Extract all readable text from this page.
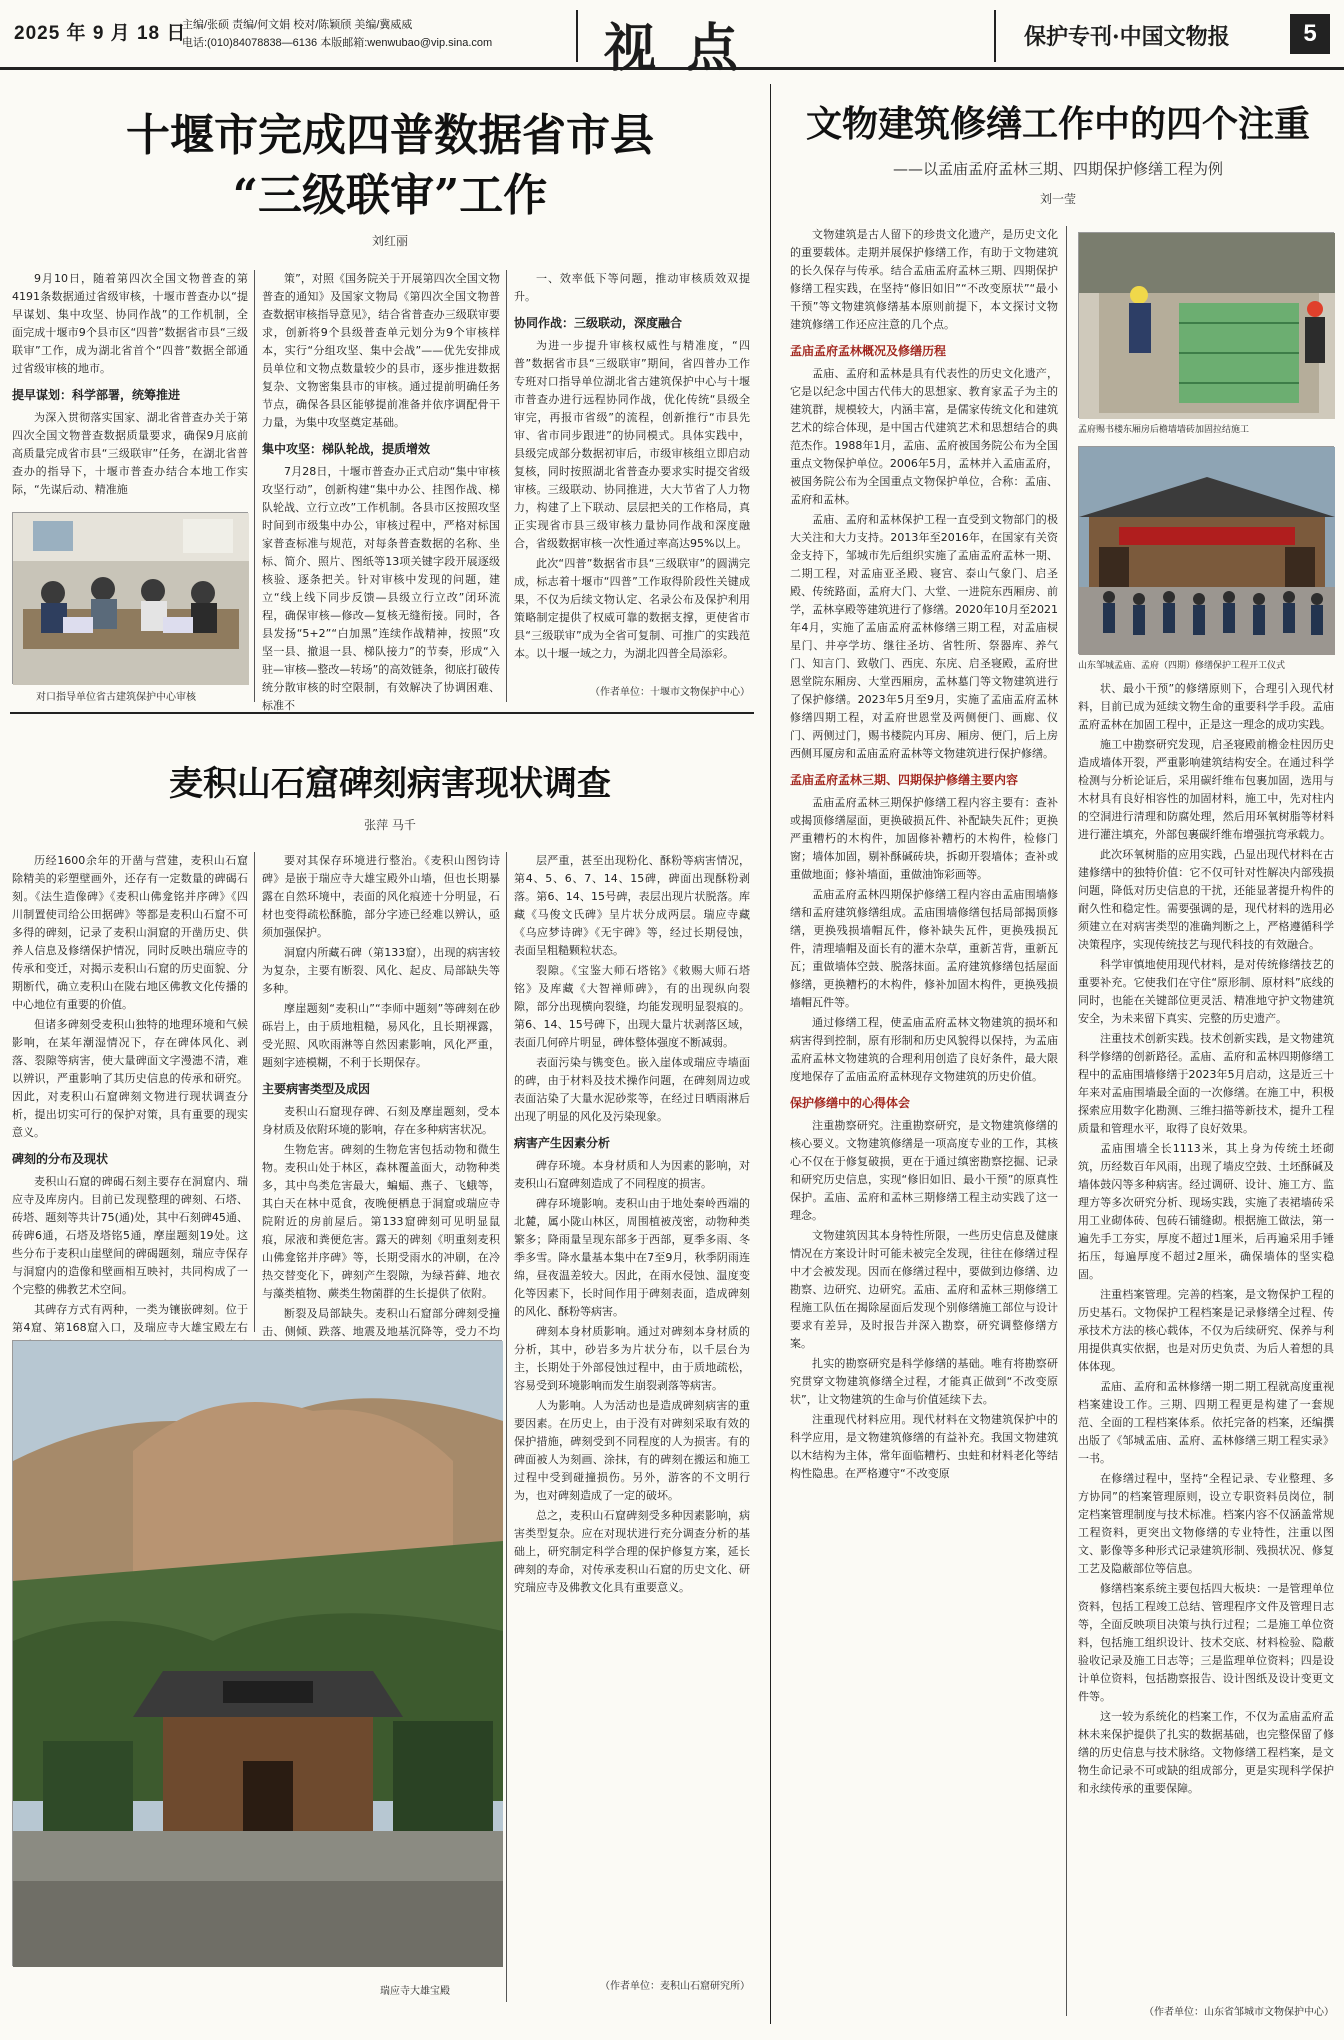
2025 年 9 月 18 日
主编/张硕 责编/何文娟 校对/陈颖颀 美编/冀威威
电话:(010)84078838—6136 本版邮箱:wenwubao@vip.sina.com	视点	保护专刊·中国文物报	5
十堰市完成四普数据省市县
“三级联审”工作
刘红丽

9月10日，随着第四次全国文物普查的第4191条数据通过省级审核，十堰市普查办以“提早谋划、集中攻坚、协同作战”的工作机制，全面完成十堰市9个县市区“四普”数据省市县“三级联审”工作，成为湖北省首个“四普”数据全部通过省级审核的地市。

提早谋划：科学部署，统筹推进

为深入贯彻落实国家、湖北省普查办关于第四次全国文物普查数据质量要求，确保9月底前高质量完成省市县“三级联审”任务，在湖北省普查办的指导下，十堰市普查办结合本地工作实际，“先谋后动、精准施

对口指导单位省古建筑保护中心审核

策”，对照《国务院关于开展第四次全国文物普查的通知》及国家文物局《第四次全国文物普查数据审核指导意见》，结合省普查办三级联审要求，创新将9个县级普查单元划分为9个审核样本，实行“分组攻坚、集中会战”——优先安排成员单位和文物点数量较少的县市，逐步推进数据复杂、文物密集县市的审核。通过提前明确任务节点，确保各县区能够提前准备并依序调配骨干力量，为集中攻坚奠定基础。

集中攻坚：梯队轮战，提质增效

7月28日，十堰市普查办正式启动“集中审核攻坚行动”，创新构建“集中办公、挂图作战、梯队轮战、立行立改”工作机制。各县市区按照攻坚时间到市级集中办公，审核过程中，严格对标国家普查标准与规范，对每条普查数据的名称、坐标、简介、照片、图纸等13项关键字段开展逐级核验、逐条把关。针对审核中发现的问题，建立“线上线下同步反馈—县级立行立改”闭环流程，确保审核—修改—复核无缝衔接。同时，各县发扬“5+2”“白加黑”连续作战精神，按照“攻坚一县、撤退一县、梯队接力”的节奏，形成“入驻—审核—整改—转场”的高效链条，彻底打破传统分散审核的时空限制，有效解决了协调困难、标准不

一、效率低下等问题，推动审核质效双提升。

协同作战：三级联动，深度融合

为进一步提升审核权威性与精准度，“四普”数据省市县“三级联审”期间，省四普办工作专班对口指导单位湖北省古建筑保护中心与十堰市普查办进行远程协同作战，优化传统“县级全审完，再报市省级”的流程，创新推行“市县先审、省市同步跟进”的协同模式。具体实践中，县级完成部分数据初审后，市级审核组立即启动复核，同时按照湖北省普查办要求实时提交省级审核。三级联动、协同推进，大大节省了人力物力，构建了上下联动、层层把关的工作格局，真正实现省市县三级审核力量协同作战和深度融合，省级数据审核一次性通过率高达95%以上。

此次“四普”数据省市县“三级联审”的圆满完成，标志着十堰市“四普”工作取得阶段性关键成果，不仅为后续文物认定、名录公布及保护利用策略制定提供了权威可靠的数据支撑，更使省市县“三级联审”成为全省可复制、可推广的实践范本。以十堰一域之力，为湖北四普全局添彩。

（作者单位：十堰市文物保护中心）

麦积山石窟碑刻病害现状调查
张萍 马千

历经1600余年的开凿与营建，麦积山石窟除精美的彩塑壁画外，还存有一定数量的碑碣石刻。《法生造像碑》《麦积山佛龛铭并序碑》《四川制置使司给公田据碑》等都是麦积山石窟不可多得的碑刻，记录了麦积山洞窟的开凿历史、供养人信息及修缮保护情况，同时反映出瑞应寺的传承和变迁，对揭示麦积山石窟的历史面貌、分期断代，确立麦积山在陇右地区佛教文化传播的中心地位有重要的价值。

但诸多碑刻受麦积山独特的地理环境和气候影响，在某年潮湿情况下，存在碑体风化、剥落、裂隙等病害，使大量碑面文字漫漶不清，难以辨识，严重影响了其历史信息的传承和研究。因此，对麦积山石窟碑刻文物进行现状调查分析，提出切实可行的保护对策，具有重要的现实意义。

碑刻的分布及现状

麦积山石窟的碑碣石刻主要存在洞窟内、瑞应寺及库房内。目前已发现整理的碑刻、石塔、砖塔、题刻等共计75(通)处，其中石刻碑45通、砖碑6通，石塔及塔铭5通，摩崖题刻19处。这些分布于麦积山崖壁间的碑碣题刻，瑞应寺保存与洞窟内的造像和壁画相互映衬，共同构成了一个完整的佛教艺术空间。

其碑存方式有两种，一类为镶嵌碑刻。位于第4窟、第168窟入口，及瑞应寺大雄宝殿左右

要对其保存环境进行整治。《麦积山图钧诗碑》是嵌于瑞应寺大雄宝殿外山墙，但也长期暴露在自然环境中，表面的风化痕迹十分明显，石材也变得疏松酥脆，部分字迹已经难以辨认，亟须加强保护。

洞窟内所藏石碑（第133窟），出现的病害较为复杂，主要有断裂、风化、起皮、局部缺失等多种。

摩崖题刻“麦积山”“李师中题刻”等碑刻在砂砾岩上，由于质地粗糙，易风化，且长期裸露，受光照、风吹雨淋等自然因素影响，风化严重，题刻字迹模糊，不利于长期保存。

主要病害类型及成因

麦积山石窟现存碑、石刻及摩崖题刻，受本身材质及依附环境的影响，存在多种病害状况。

生物危害。碑刻的生物危害包括动物和微生物。麦积山处于林区，森林覆盖面大，动物种类多，其中鸟类危害最大，蝙蝠、燕子、飞蛾等，其白天在林中觅食，夜晚便栖息于洞窟或瑞应寺院附近的房前屋后。第133窟碑刻可见明显鼠痕，尿液和粪便危害。露天的碑刻《明重刻麦积山佛龛铭并序碑》等，长期受雨水的冲刷，在冷热交替变化下，碑刻产生裂隙，为绿苔藓、地衣与藻类植物、蕨类生物菌群的生长提供了依附。

断裂及局部缺失。麦积山石窟部分碑刻受撞击、侧倾、跌落、地震及地基沉降等，受力不均

层严重，甚至出现粉化、酥粉等病害情况，第4、5、6、7、14、15碑，碑面出现酥粉剥落。第6、14、15号碑，表层出现片状脱落。库藏《马俊文氏碑》呈片状分成两层。瑞应寺藏《乌应梦诗碑》《无宇碑》等，经过长期侵蚀，表面呈粗糙颗粒状态。

裂隙。《宝鉴大师石塔铭》《敕赐大师石塔铭》及库藏《大智禅师碑》，有的出现纵向裂隙，部分出现横向裂缝，均能发现明显裂痕的。第6、14、15号碑下，出现大量片状剥落区域，表面几何碎片明显，碑体整体强度不断减弱。

表面污染与镌变色。嵌入崖体或瑞应寺墙面的碑，由于材料及技术操作问题，在碑刻周边或表面沾染了大量水泥砂浆等，在经过日晒雨淋后出现了明显的风化及污染现象。

病害产生因素分析

碑存环境。本身材质和人为因素的影响，对麦积山石窟碑刻造成了不同程度的损害。

碑存环境影响。麦积山由于地处秦岭西端的北麓，属小陇山林区，周围植被茂密，动物种类繁多；降雨量呈现东部多于西部，夏季多雨、冬季多雪。降水量基本集中在7至9月，秋季阴雨连绵，昼夜温差较大。因此，在雨水侵蚀、温度变化等因素下，长时间作用于碑刻表面，造成碑刻的风化、酥粉等病害。

碑刻本身材质影响。通过对碑刻本身材质的分析，其中，砂岩多为片状分布，以千层台为主，长期处于外部侵蚀过程中，由于质地疏松，容易受到环境影响而发生崩裂剥落等病害。

人为影响。人为活动也是造成碑刻病害的重要因素。在历史上，由于没有对碑刻采取有效的保护措施，碑刻受到不同程度的人为损害。有的碑面被人为刻画、涂抹，有的碑刻在搬运和施工过程中受到碰撞损伤。另外，游客的不文明行为，也对碑刻造成了一定的破坏。

总之，麦积山石窟碑刻受多种因素影响，病害类型复杂。应在对现状进行充分调查分析的基础上，研究制定科学合理的保护修复方案，延长碑刻的寿命，对传承麦积山石窟的历史文化、研究瑞应寺及佛教文化具有重要意义。

（作者单位：麦积山石窟研究所）

瑞应寺大雄宝殿
文物建筑修缮工作中的四个注重
——以孟庙孟府孟林三期、四期保护修缮工程为例
刘一莹

文物建筑是古人留下的珍贵文化遗产，是历史文化的重要载体。走期并展保护修缮工作，有助于文物建筑的长久保存与传承。结合孟庙孟府孟林三期、四期保护修缮工程实践，在坚持“修旧如旧”“不改变原状”“最小干预”等文物建筑修缮基本原则前提下，本文探讨文物建筑修缮工作还应注意的几个点。

孟庙孟府孟林概况及修缮历程

孟庙、孟府和孟林是具有代表性的历史文化遗产，它是以纪念中国古代伟大的思想家、教育家孟子为主的建筑群，规模较大，内涵丰富，是儒家传统文化和建筑艺术的综合体现，是中国古代建筑艺术和思想结合的典范杰作。1988年1月，孟庙、孟府被国务院公布为全国重点文物保护单位。2006年5月，孟林并入孟庙孟府，被国务院公布为全国重点文物保护单位，合称：孟庙、孟府和孟林。

孟庙、孟府和孟林保护工程一直受到文物部门的极大关注和大力支持。2013年至2016年，在国家有关资金支持下，邹城市先后组织实施了孟庙孟府孟林一期、二期工程，对孟庙亚圣殿、寝宫、泰山气象门、启圣殿、传统路面，孟府大门、大堂、一进院东西厢房、前学，孟林享殿等建筑进行了修缮。2020年10月至2021年4月，实施了孟庙孟府孟林修缮三期工程，对孟庙棂星门、井亭学坊、继往圣坊、省牲所、祭器库、养气门、知言门、致敬门、西庑、东庑、启圣寝殿，孟府世恩堂院东厢房、大堂西厢房，孟林墓门等文物建筑进行了保护修缮。2023年5月至9月，实施了孟庙孟府孟林修缮四期工程，对孟府世恩堂及两侧便门、画廊、仪门、两侧过门，赐书楼院内耳房、厢房、便门，后上房西侧耳厦房和孟庙孟府孟林等文物建筑进行保护修缮。

孟庙孟府孟林三期、四期保护修缮主要内容

孟庙孟府孟林三期保护修缮工程内容主要有：查补或揭顶修缮屋面，更换破损瓦件、补配缺失瓦件；更换严重糟朽的木构件，加固修补糟朽的木构件，检修门窗；墙体加固，剔补酥碱砖块，拆砌开裂墙体；查补或重做地面；修补墙面，重做油饰彩画等。

孟庙孟府孟林四期保护修缮工程内容由孟庙围墙修缮和孟府建筑修缮组成。孟庙围墙修缮包括局部揭顶修缮，更换残损墙帽瓦件，修补缺失瓦件，更换残损瓦件，清理墙帽及面长有的灌木杂草，重新苫背，重新瓦瓦；重做墙体空鼓、脱落抹面。孟府建筑修缮包括屋面修缮，更换糟朽的木构件，修补加固木构件，更换残损墙帽瓦件等。

通过修缮工程，使孟庙孟府孟林文物建筑的损坏和病害得到控制，原有形制和历史风貌得以保持，为孟庙孟府孟林文物建筑的合理利用创造了良好条件，最大限度地保存了孟庙孟府孟林现存文物建筑的历史价值。

保护修缮中的心得体会

注重勘察研究。注重勘察研究，是文物建筑修缮的核心要义。文物建筑修缮是一项高度专业的工作，其核心不仅在于修复破损，更在于通过缜密勘察挖掘、记录和研究历史信息，实现“修旧如旧、最小干预”的原真性保护。孟庙、孟府和孟林三期修缮工程主动实践了这一理念。

文物建筑因其本身特性所限，一些历史信息及健康情况在方案设计时可能未被完全发现，往往在修缮过程中才会被发现。因而在修缮过程中，要做到边修缮、边勘察、边研究、边研究。孟庙、孟府和孟林三期修缮工程施工队伍在揭除屋面后发现个别修缮施工部位与设计要求有差异，及时报告并深入勘察，研究调整修缮方案。

扎实的勘察研究是科学修缮的基础。唯有将勘察研究贯穿文物建筑修缮全过程，才能真正做到“不改变原状”，让文物建筑的生命与价值延续下去。

注重现代材料应用。现代材料在文物建筑保护中的科学应用，是文物建筑修缮的有益补充。我国文物建筑以木结构为主体，常年面临糟朽、虫蛀和材料老化等结构性隐患。在严格遵守“不改变原

孟府赐书楼东厢房后檐墙墙砖加固拉结施工
山东邹城孟庙、孟府（四期）修缮保护工程开工仪式

状、最小干预”的修缮原则下，合理引入现代材料，目前已成为延续文物生命的重要科学手段。孟庙孟府孟林在加固工程中，正是这一理念的成功实践。

施工中勘察研究发现，启圣寝殿前檐金柱因历史造成墙体开裂，严重影响建筑结构安全。在通过科学检测与分析论证后，采用碳纤维布包裹加固，选用与木材具有良好相容性的加固材料，施工中，先对柱内的空洞进行清理和防腐处理，然后用环氧树脂等材料进行灌注填充，外部包裹碳纤维布增强抗弯承载力。

此次环氧树脂的应用实践，凸显出现代材料在古建修缮中的独特价值：它不仅可针对性解决内部残损问题，降低对历史信息的干扰，还能显著提升构件的耐久性和稳定性。需要强调的是，现代材料的选用必须建立在对病害类型的准确判断之上，严格遵循科学决策程序，实现传统技艺与现代科技的有效融合。

科学审慎地使用现代材料，是对传统修缮技艺的重要补充。它使我们在守住“原形制、原材料”底线的同时，也能在关键部位更灵活、精准地守护文物建筑安全，为未来留下真实、完整的历史遗产。

注重技术创新实践。技术创新实践，是文物建筑科学修缮的创新路径。孟庙、孟府和孟林四期修缮工程中的孟庙围墙修缮于2023年5月启动，这是近三十年来对孟庙围墙最全面的一次修缮。在施工中，积极探索应用数字化勘测、三维扫描等新技术，提升工程质量和管理水平，取得了良好效果。

孟庙围墙全长1113米，其上身为传统土坯砌筑，历经数百年风雨，出现了墙皮空鼓、土坯酥碱及墙体鼓闪等多种病害。经过调研、设计、施工方、监理方等多次研究分析、现场实践，实施了表裙墙砖采用工业砌体砖、包砖石铺缝砌。根据施工做法，第一遍先手工夯实，厚度不超过1厘米，后再遍采用手锤拓压，每遍厚度不超过2厘米，确保墙体的坚实稳固。

注重档案管理。完善的档案，是文物保护工程的历史基石。文物保护工程档案是记录修缮全过程、传承技术方法的核心载体，不仅为后续研究、保养与利用提供真实依据，也是对历史负责、为后人着想的具体体现。

孟庙、孟府和孟林修缮一期二期工程就高度重视档案建设工作。三期、四期工程更是构建了一套规范、全面的工程档案体系。依托完备的档案，还编撰出版了《邹城孟庙、孟府、孟林修缮三期工程实录》一书。

在修缮过程中，坚持“全程记录、专业整理、多方协同”的档案管理原则，设立专职资料员岗位，制定档案管理制度与技术标准。档案内容不仅涵盖常规工程资料，更突出文物修缮的专业特性，注重以图文、影像等多种形式记录建筑形制、残损状况、修复工艺及隐蔽部位等信息。

修缮档案系统主要包括四大板块：一是管理单位资料，包括工程竣工总结、管理程序文件及管理日志等，全面反映项目决策与执行过程；二是施工单位资料，包括施工组织设计、技术交底、材料检验、隐蔽验收记录及施工日志等；三是监理单位资料；四是设计单位资料，包括勘察报告、设计图纸及设计变更文件等。

这一较为系统化的档案工作，不仅为孟庙孟府孟林未来保护提供了扎实的数据基础，也完整保留了修缮的历史信息与技术脉络。文物修缮工程档案，是文物生命记录不可或缺的组成部分，更是实现科学保护和永续传承的重要保障。

（作者单位：山东省邹城市文物保护中心）
